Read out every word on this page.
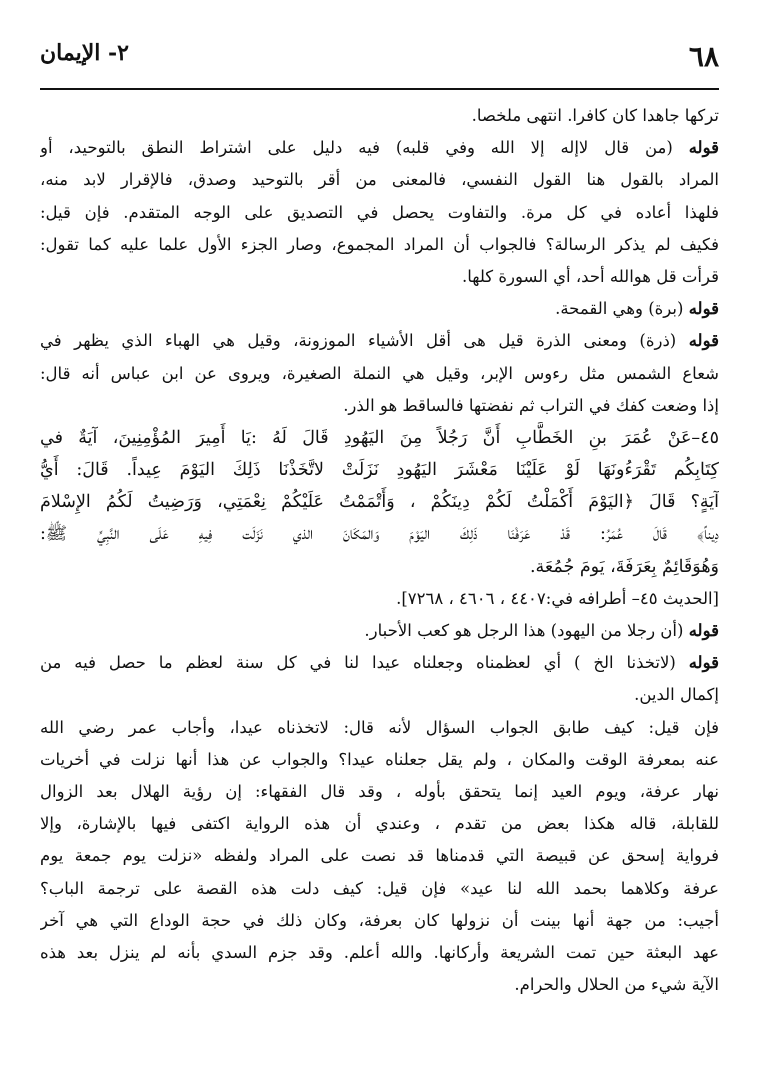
٦٨
٢- الإيمان
تركها جاهدا كان كافرا. انتهى ملخصا.
قوله (من قال لاإله إلا الله وفي قلبه) فيه دليل على اشتراط النطق بالتوحيد، أو
المراد بالقول هنا القول النفسي، فالمعنى من أقر بالتوحيد وصدق، فالإقرار لابد منه،
فلهذا أعاده في كل مرة. والتفاوت يحصل في التصديق على الوجه المتقدم. فإن قيل:
فكيف لم يذكر الرسالة؟ فالجواب أن المراد المجموع، وصار الجزء الأول علما عليه كما تقول:
قرأت قل هوالله أحد، أي السورة كلها.
قوله (برة) وهي القمحة.
قوله (ذرة) ومعنى الذرة قيل هى أقل الأشياء الموزونة، وقيل هي الهباء الذي يظهر في
شعاع الشمس مثل رءوس الإبر، وقيل هي النملة الصغيرة، ويروى عن ابن عباس أنه قال:
إذا وضعت كفك في التراب ثم نفضتها فالساقط هو الذر.
٤٥–عَنْ عُمَرَ بنِ الخَطَّابِ أَنَّ رَجُلاً مِنَ اليَهُودِ قَالَ لَهُ :يَا أَمِيرَ المُؤْمِنِينَ، آيَةٌ في
كِتَابِكُم تَقْرَءُونَهَا لَوْ عَلَيْنَا مَعْشَرَ اليَهُودِ نَزَلَتْ لاتَّخَذْنَا ذَلِكَ اليَوْمَ عِيداً. قَالَ: أَيُّ
آيَةٍ؟ قَالَ ﴿اليَوْمَ أَكْمَلْتُ لَكُمْ دِينَكُمْ ، وَأَتْمَمْتُ عَلَيْكُمْ نِعْمَتِي، وَرَضِيتُ لَكُمُ الإِسْلامَ
دِيناً﴾ قَالَ عُمَرُ: قَدْ عَرَفْنَا ذَلِكَ اليَوْمَ وَالمَكَانَ الذي نَزَلَت فِيهِ عَلَى النَّبِيِّ ﷺ:
وَهُوَقَائِمٌ بِعَرَفَةَ، يَومَ جُمُعَة.
[الحديث ٤٥– أطرافه في:٤٤٠٧ ، ٤٦٠٦ ، ٧٢٦٨].
قوله (أن رجلا من اليهود) هذا الرجل هو كعب الأحبار.
قوله (لاتخذنا الخ ) أي لعظمناه وجعلناه عيدا لنا في كل سنة لعظم ما حصل فيه من
إكمال الدين.
فإن قيل: كيف طابق الجواب السؤال لأنه قال: لاتخذناه عيدا، وأجاب عمر رضي الله
عنه بمعرفة الوقت والمكان ، ولم يقل جعلناه عيدا؟ والجواب عن هذا أنها نزلت في أخريات
نهار عرفة، ويوم العيد إنما يتحقق بأوله ، وقد قال الفقهاء: إن رؤية الهلال بعد الزوال
للقابلة، قاله هكذا بعض من تقدم ، وعندي أن هذه الرواية اكتفى فيها بالإشارة، وإلا
فرواية إسحق عن قبيصة التي قدمناها قد نصت على المراد ولفظه «نزلت يوم جمعة يوم
عرفة وكلاهما بحمد الله لنا عيد» فإن قيل: كيف دلت هذه القصة على ترجمة الباب؟
أجيب: من جهة أنها بينت أن نزولها كان بعرفة، وكان ذلك في حجة الوداع التي هي آخر
عهد البعثة حين تمت الشريعة وأركانها. والله أعلم. وقد جزم السدي بأنه لم ينزل بعد هذه
الآية شيء من الحلال والحرام.
